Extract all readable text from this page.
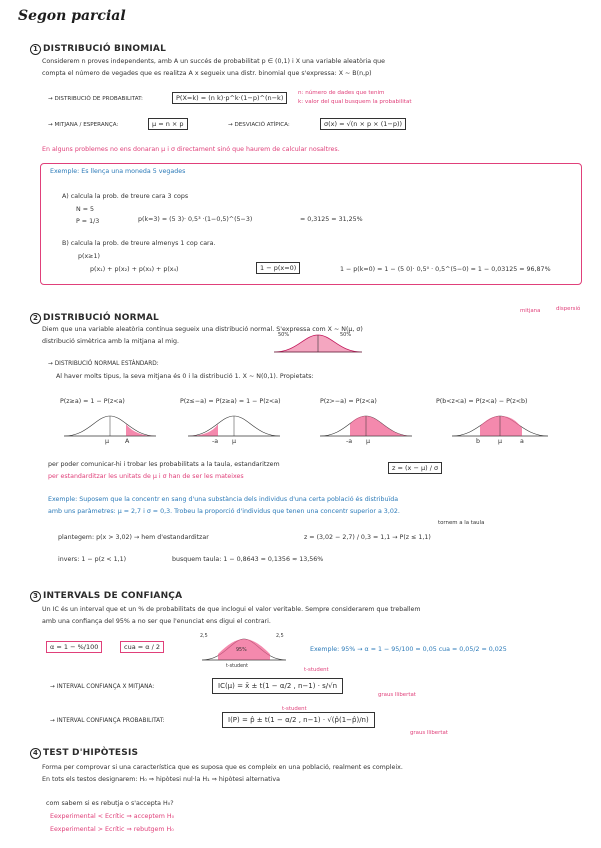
Segon parcial
1 DISTRIBUCIÓ BINOMIAL
Considerem n proves independents, amb A un succés de probabilitat p ∈ (0,1) i X una variable aleatòria que
compta el número de vegades que es realitza A x segueix una distr. binomial que s'expressa: X ~ B(n,p)
→ DISTRIBUCIÓ DE PROBABILITAT:	P(X=k) = (n k)·p^k·(1−p)^(n−k)
n: número de dades que tenim
k: valor del qual busquem la probabilitat
→ MITJANA / ESPERANÇA:	μ = n × p	→ DESVIACIÓ ATÍPICA:	σ(x) = √(n × p × (1−p))
En alguns problemes no ens donaran μ i σ directament sinó que haurem de calcular nosaltres.
Exemple: Es llença una moneda 5 vegades
A) calcula la prob. de treure cara 3 cops
N = 5
P = 1/3	p(k=3) = (5 3)· 0,5³ ·(1−0,5)^(5−3)	= 0,3125 = 31,25%
B) calcula la prob. de treure almenys 1 cop cara.
p(x≥1)
p(x₁) + p(x₂) + p(x₃) + p(x₄)	1 − p(x=0)	1 − p(k=0) = 1 − (5 0)· 0,5⁰ · 0,5^(5−0) = 1 − 0,03125 = 96,87%
2 DISTRIBUCIÓ NORMAL
mitjana	dispersió
Diem que una variable aleatòria contínua segueix una distribució normal. S'expressa com X ~ N(μ, σ)
distribució simètrica amb la mitjana al mig.
50%	50%
→ DISTRIBUCIÓ NORMAL ESTÀNDARD:
Al haver molts tipus, la seva mitjana és 0 i la distribució 1. X ~ N(0,1). Propietats:
P(z≥a) = 1 − P(z<a)	P(z≤−a) = P(z≥a) = 1 − P(z<a)	P(z>−a) = P(z<a)	P(b<z<a) = P(z<a) − P(z<b)
μ	A	-a μ	-a μ	b	μ	a
per poder comunicar-hi i trobar les probabilitats a la taula, estandaritzem
per estandarditzar les unitats de μ i σ han de ser les mateixes
z = (x − μ) / σ
Exemple: Suposem que la concentr en sang d'una substància dels individus d'una certa població és distribuïda
amb uns paràmetres: μ = 2,7 i σ = 0,3. Trobeu la proporció d'individus que tenen una concentr superior a 3,02.
tornem a la taula
plantegem: p(x > 3,02) → hem d'estandarditzar	z = (3,02 − 2,7) / 0,3 = 1,1 → P(z ≤ 1,1)
invers: 1 − p(z < 1,1)	busquem taula: 1 − 0,8643 = 0,1356 ≈ 13,56%
3 INTERVALS DE CONFIANÇA
Un IC és un interval que et un % de probabilitats de que inclogui el valor veritable. Sempre considerarem que treballem
amb una confiança del 95% a no ser que l'enunciat ens digui el contrari.
α = 1 − %/100	cua = α / 2
2,5
95%
2,5
t-student
Exemple: 95% → α = 1 − 95/100 = 0,05 cua = 0,05/2 = 0,025
t-student
→ INTERVAL CONFIANÇA X MITJANA:	IC(μ) = x̄ ± t(1 − α/2 , n−1) · s/√n
graus llibertat
t-student
→ INTERVAL CONFIANÇA PROBABILITAT:	I(P) = p̂ ± t(1 − α/2 , n−1) · √(p̂(1−p̂)/n)
graus llibertat
4 TEST D'HIPÒTESIS
Forma per comprovar si una característica que es suposa que es compleix en una població, realment es compleix.
En tots els testos designarem: H₀ ⇒ hipòtesi nul·la H₁ ⇒ hipòtesi alternativa
com sabem si es rebutja o s'accepta H₀?
Eexperimental < Ecrític ⇒ acceptem H₀
Eexperimental > Ecrític ⇒ rebutgem H₀
